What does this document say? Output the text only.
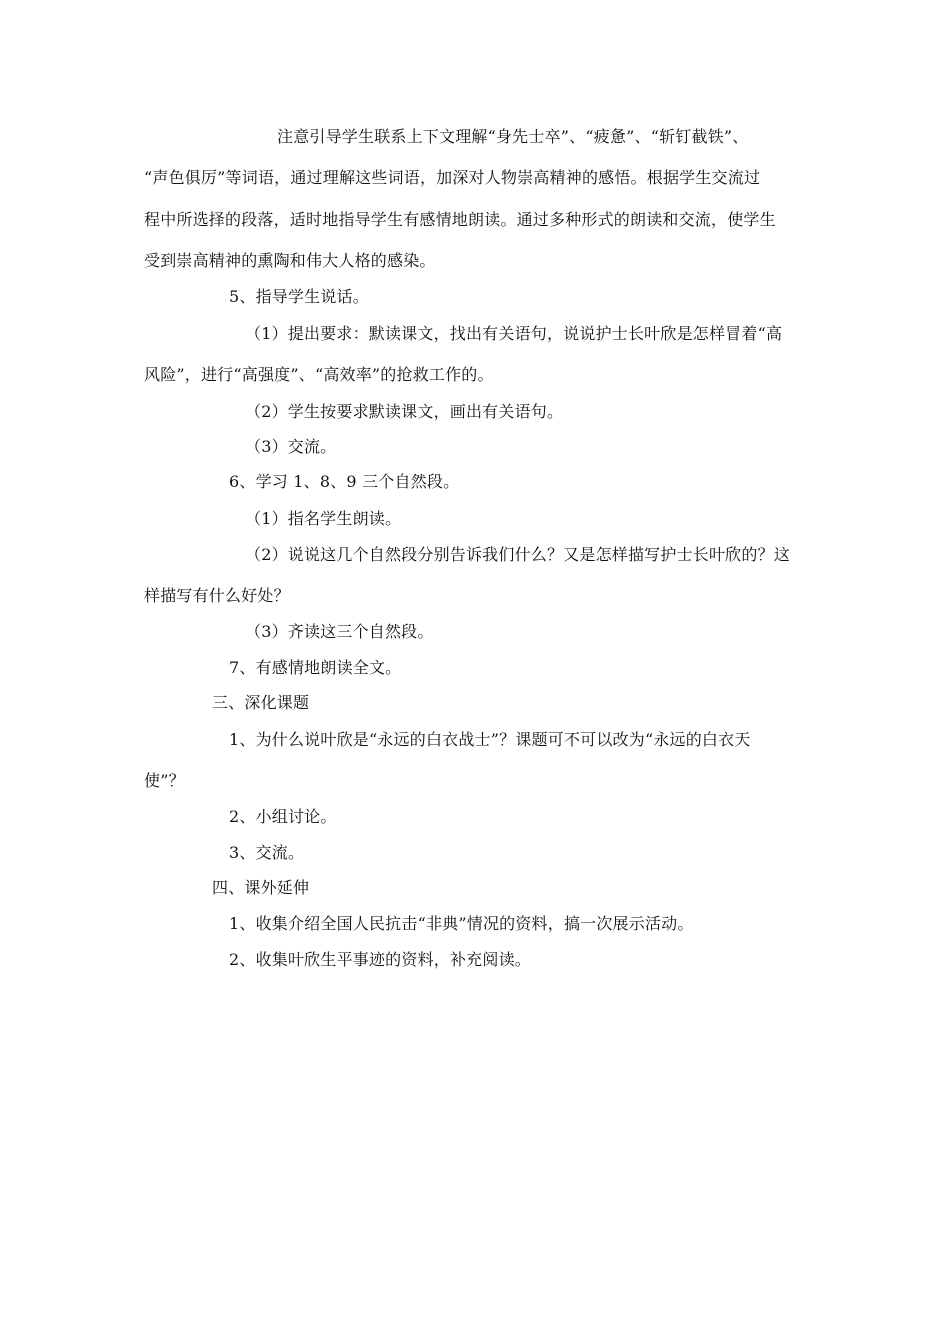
注意引导学生联系上下文理解“身先士卒”、“疲惫”、“斩钉截铁”、
“声色俱厉”等词语，通过理解这些词语，加深对人物崇高精神的感悟。根据学生交流过
程中所选择的段落，适时地指导学生有感情地朗读。通过多种形式的朗读和交流，使学生
受到崇高精神的熏陶和伟大人格的感染。
5、指导学生说话。
（1）提出要求：默读课文，找出有关语句，说说护士长叶欣是怎样冒着“高
风险”，进行“高强度”、“高效率”的抢救工作的。
（2）学生按要求默读课文，画出有关语句。
（3）交流。
6、学习 1、8、9 三个自然段。
（1）指名学生朗读。
（2）说说这几个自然段分别告诉我们什么？又是怎样描写护士长叶欣的？这
样描写有什么好处？
（3）齐读这三个自然段。
7、有感情地朗读全文。
三、深化课题
1、为什么说叶欣是“永远的白衣战士”？课题可不可以改为“永远的白衣天
使”？
2、小组讨论。
3、交流。
四、课外延伸
1、收集介绍全国人民抗击“非典”情况的资料，搞一次展示活动。
2、收集叶欣生平事迹的资料，补充阅读。
